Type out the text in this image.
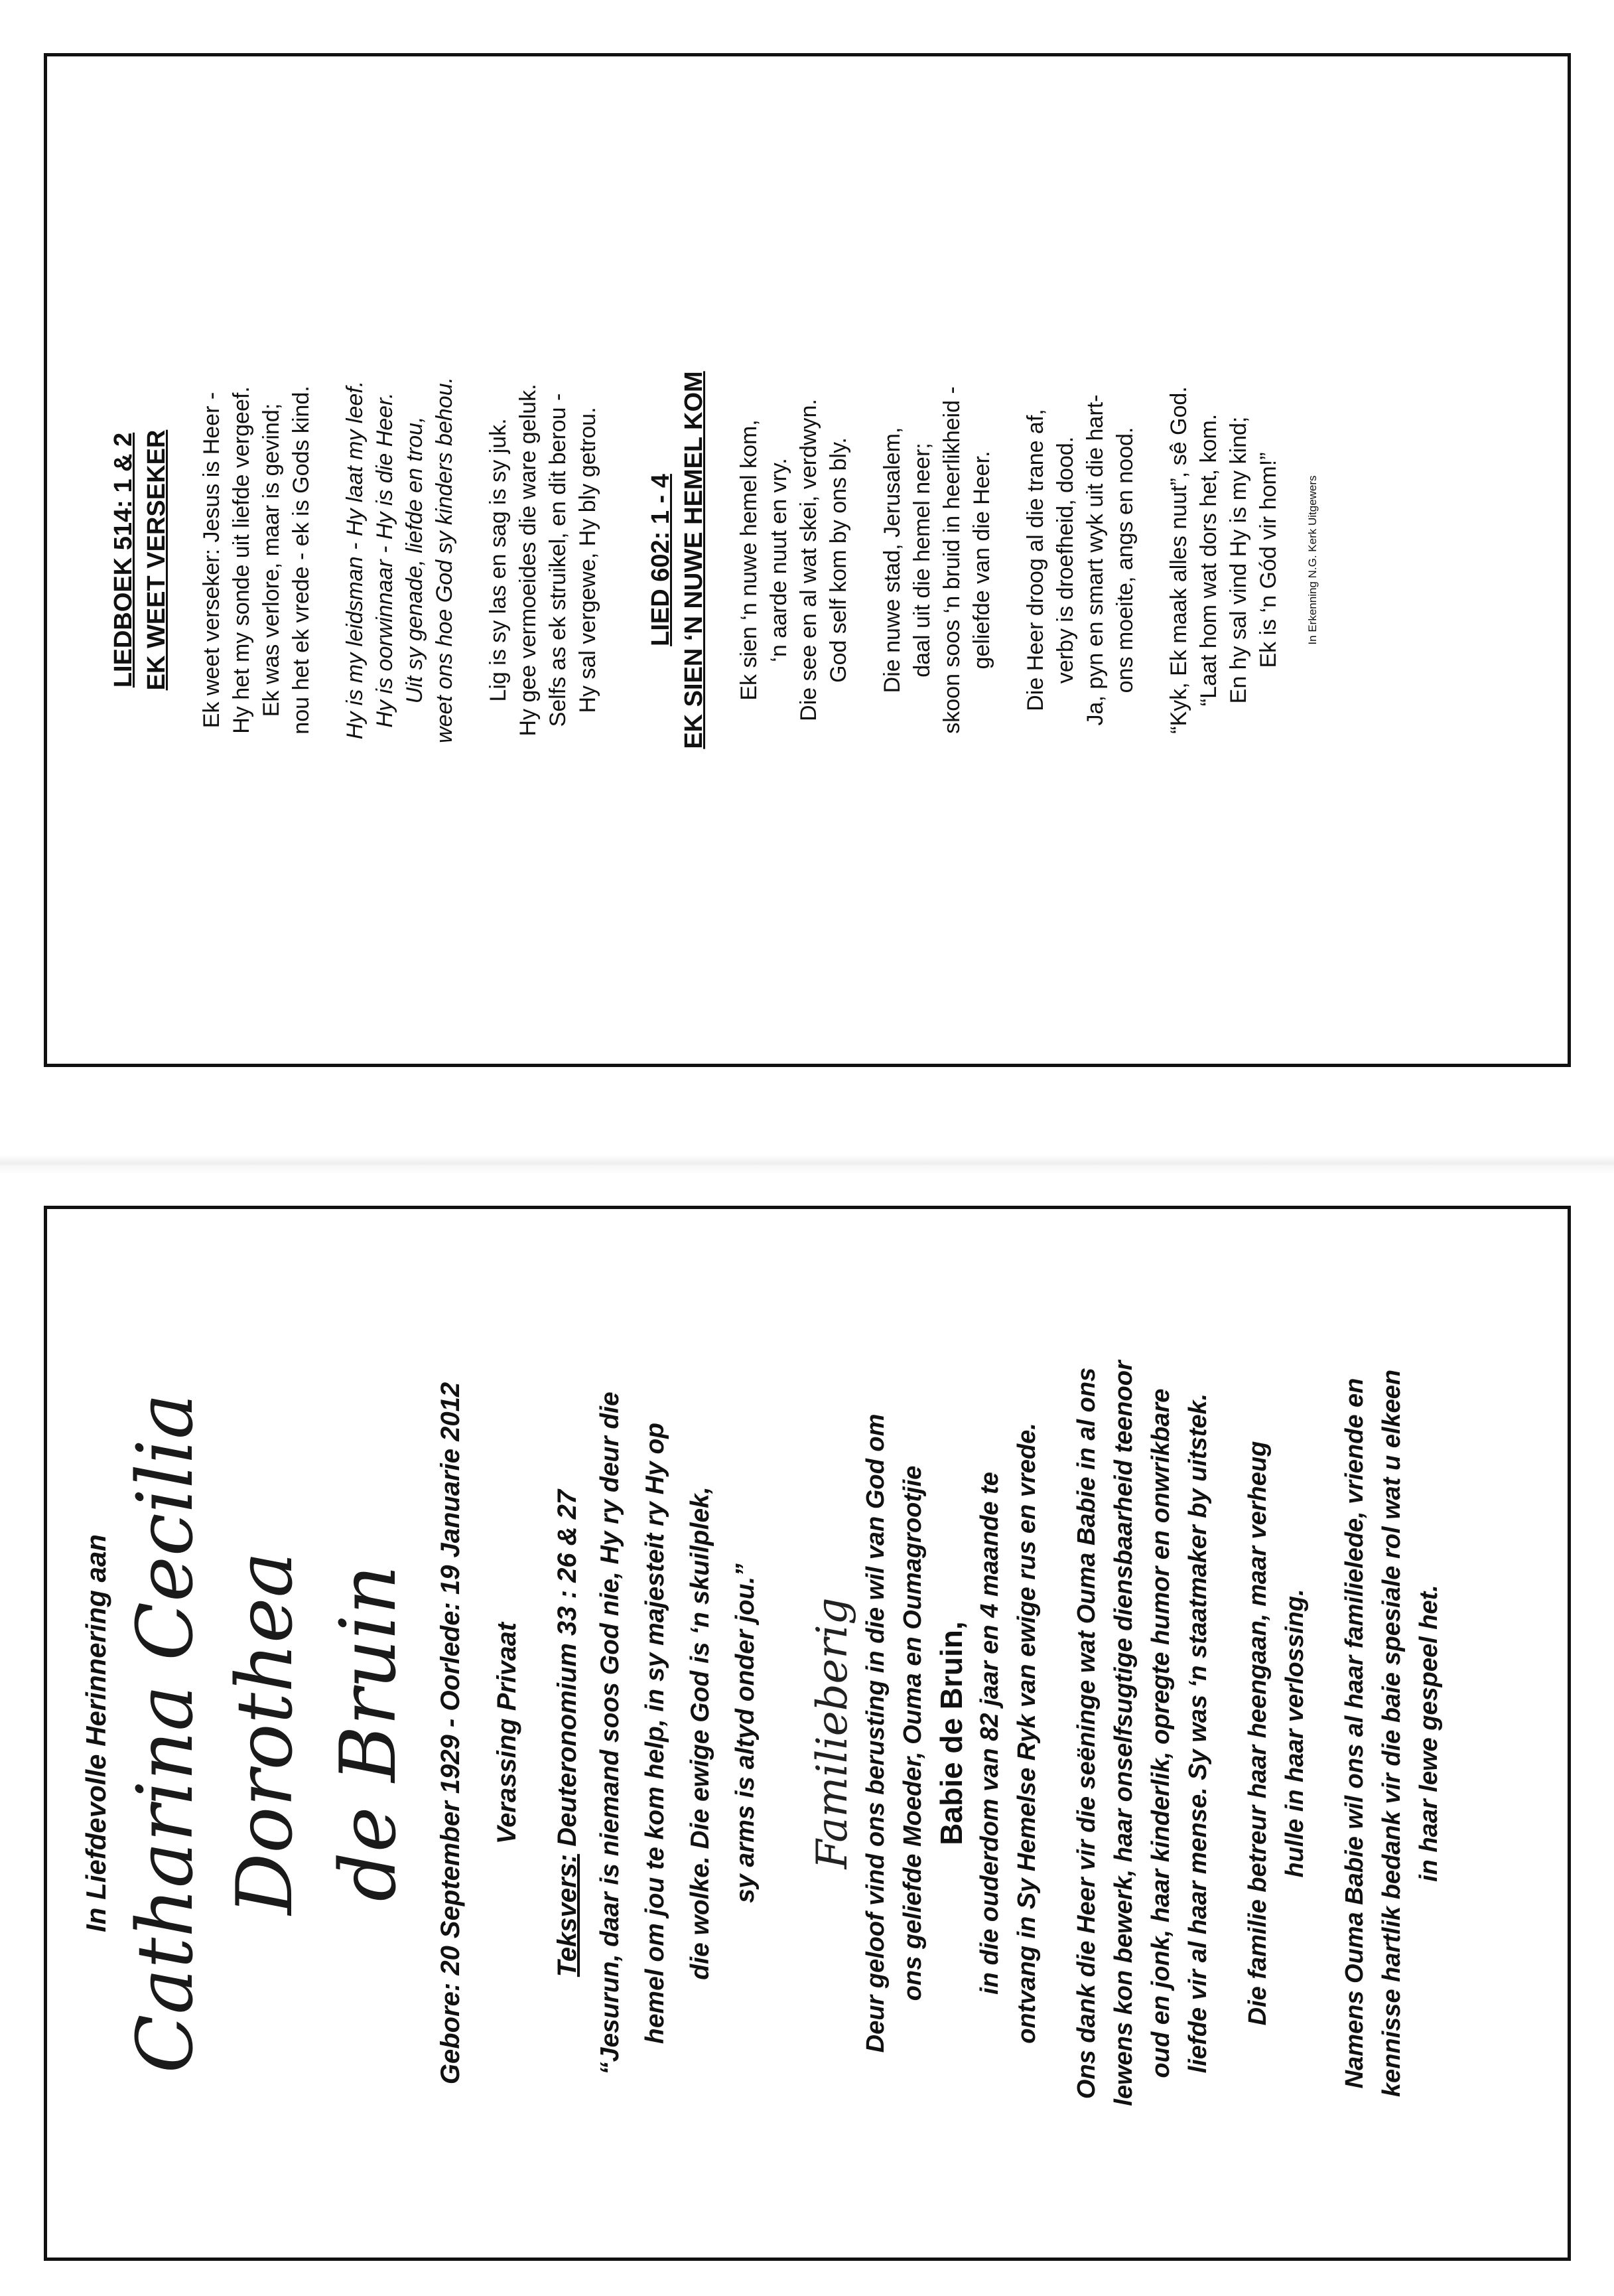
LIEDBOEK 514: 1 & 2 EK WEET VERSEKER Ek weet verseker: Jesus is Heer - Hy het my sonde uit liefde vergeef. Ek was verlore, maar is gevind; nou het ek vrede - ek is Gods kind. Hy is my leidsman - Hy laat my leef. Hy is oorwinnaar - Hy is die Heer. Uit sy genade, liefde en trou, weet ons hoe God sy kinders behou. Lig is sy las en sag is sy juk. Hy gee vermoeides die ware geluk. Selfs as ek struikel, en dit berou - Hy sal vergewe, Hy bly getrou. LIED 602: 1 - 4 EK SIEN ‘N NUWE HEMEL KOM Ek sien ‘n nuwe hemel kom, ‘n aarde nuut en vry. Die see en al wat skei, verdwyn. God self kom by ons bly. Die nuwe stad, Jerusalem, daal uit die hemel neer; skoon soos ‘n bruid in heerlikheid - geliefde van die Heer. Die Heer droog al die trane af, verby is droefheid, dood. Ja, pyn en smart wyk uit die hart- ons moeite, angs en nood. “Kyk, Ek maak alles nuut”, sê God. “Laat hom wat dors het, kom. En hy sal vind Hy is my kind; Ek is ‘n Gód vir hom!” In Erkenning N.G. Kerk Uitgewers

In Liefdevolle Herinnering aan Catharina Cecilia Dorothea de Bruin Gebore: 20 September 1929 - Oorlede: 19 Januarie 2012 Verassing Privaat

Teksvers: Deuteronomium 33 : 26 & 27 “Jesurun, daar is niemand soos God nie, Hy ry deur die hemel om jou te kom help, in sy majesteit ry Hy op die wolke. Die ewige God is ‘n skuilplek, sy arms is altyd onder jou.” Familieberig Deur geloof vind ons berusting in die wil van God om ons geliefde Moeder, Ouma en Oumagrootjie Babie de Bruin, in die ouderdom van 82 jaar en 4 maande te ontvang in Sy Hemelse Ryk van ewige rus en vrede. Ons dank die Heer vir die seëninge wat Ouma Babie in al ons lewens kon bewerk, haar onselfsugtige diensbaarheid teenoor oud en jonk, haar kinderlik, opregte humor en onwrikbare liefde vir al haar mense. Sy was ‘n staatmaker by uitstek. Die familie betreur haar heengaan, maar verheug hulle in haar verlossing. Namens Ouma Babie wil ons al haar familielede, vriende en kennisse hartlik bedank vir die baie spesiale rol wat u elkeen in haar lewe gespeel het.
